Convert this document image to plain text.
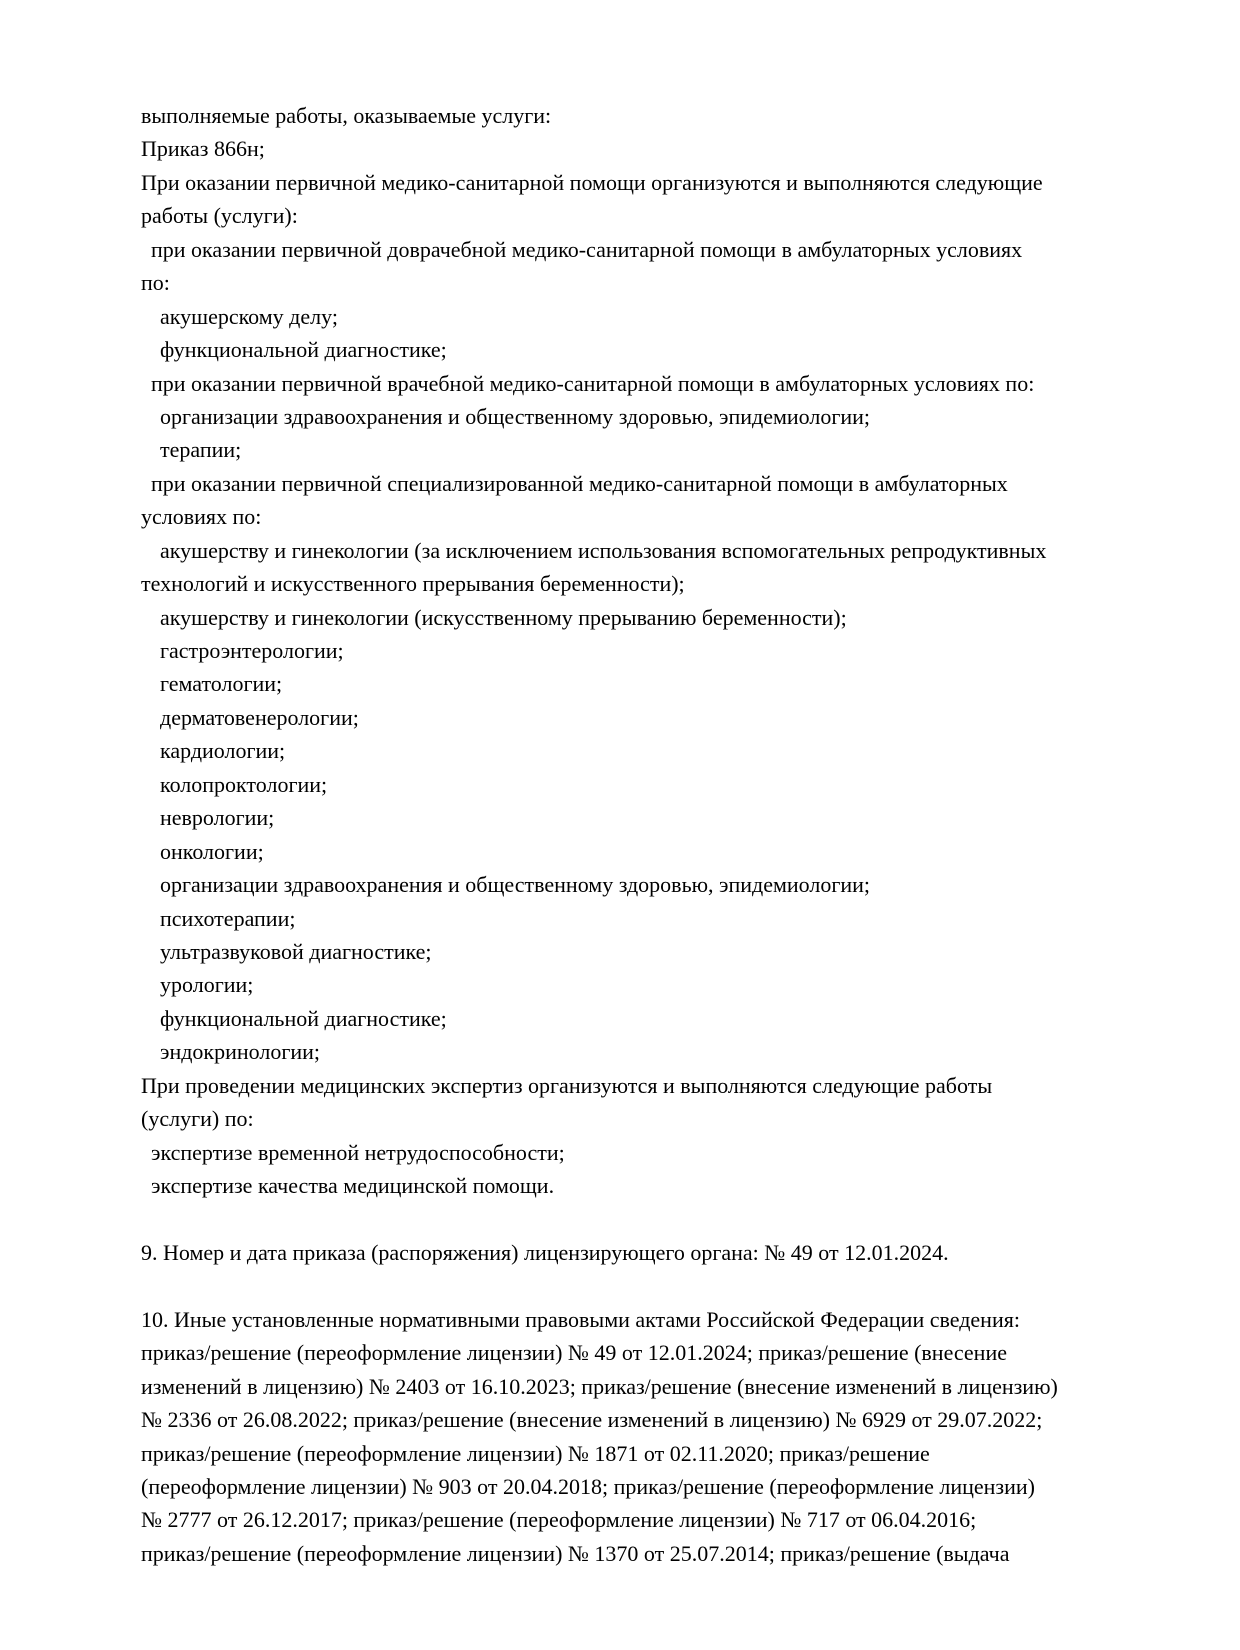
выполняемые работы, оказываемые услуги:
Приказ 866н;
При оказании первичной медико-санитарной помощи организуются и выполняются следующие
работы (услуги):
при оказании первичной доврачебной медико-санитарной помощи в амбулаторных условиях
по:
акушерскому делу;
функциональной диагностике;
при оказании первичной врачебной медико-санитарной помощи в амбулаторных условиях по:
организации здравоохранения и общественному здоровью, эпидемиологии;
терапии;
при оказании первичной специализированной медико-санитарной помощи в амбулаторных
условиях по:
акушерству и гинекологии (за исключением использования вспомогательных репродуктивных
технологий и искусственного прерывания беременности);
акушерству и гинекологии (искусственному прерыванию беременности);
гастроэнтерологии;
гематологии;
дерматовенерологии;
кардиологии;
колопроктологии;
неврологии;
онкологии;
организации здравоохранения и общественному здоровью, эпидемиологии;
психотерапии;
ультразвуковой диагностике;
урологии;
функциональной диагностике;
эндокринологии;
При проведении медицинских экспертиз организуются и выполняются следующие работы
(услуги) по:
экспертизе временной нетрудоспособности;
экспертизе качества медицинской помощи.
9. Номер и дата приказа (распоряжения) лицензирующего органа: № 49 от 12.01.2024.
10. Иные установленные нормативными правовыми актами Российской Федерации сведения:
приказ/решение (переоформление лицензии) № 49 от 12.01.2024; приказ/решение (внесение
изменений в лицензию) № 2403 от 16.10.2023; приказ/решение (внесение изменений в лицензию)
№ 2336 от 26.08.2022; приказ/решение (внесение изменений в лицензию) № 6929 от 29.07.2022;
приказ/решение (переоформление лицензии) № 1871 от 02.11.2020; приказ/решение
(переоформление лицензии) № 903 от 20.04.2018; приказ/решение (переоформление лицензии)
№ 2777 от 26.12.2017; приказ/решение (переоформление лицензии) № 717 от 06.04.2016;
приказ/решение (переоформление лицензии) № 1370 от 25.07.2014; приказ/решение (выдача
